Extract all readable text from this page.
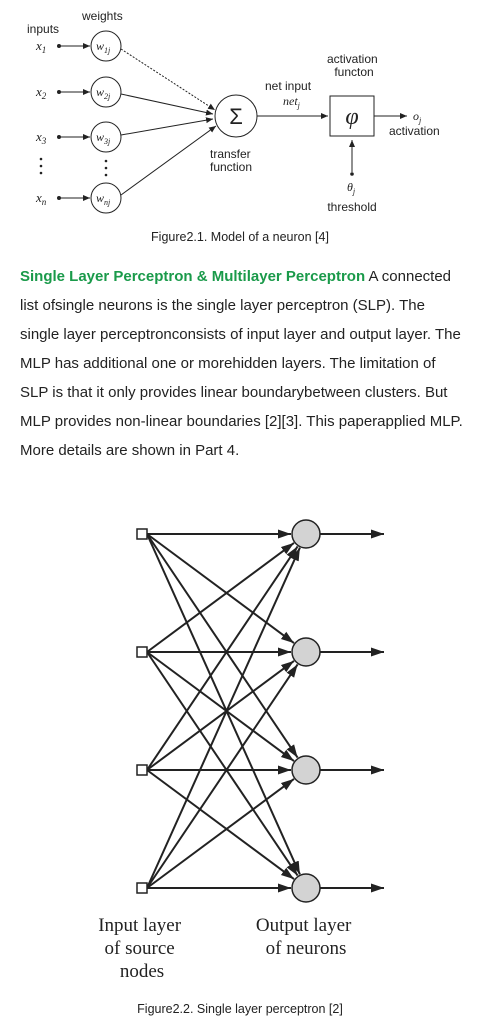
inputs
weights
$x_1$	$w_{1j}$
$x_2$	$w_{2j}$
$x_3$	$w_{3j}$
$x_n$	$w_{nj}$
Σ
transfer function
net input
net$_j$
activation functon
φ	$o_j$
activation
$\theta_j$
threshold
Figure2.1. Model of a neuron [4]

Single Layer Perceptron & Multilayer Perceptron A connected list ofsingle neurons is the single layer perceptron (SLP). The single layer perceptronconsists of input layer and output layer. The MLP has additional one or morehidden layers. The limitation of SLP is that it only provides linear boundarybetween clusters. But MLP provides non-linear boundaries [2][3]. This paperapplied MLP. More details are shown in Part 4.

Input layer of source nodes
Output layer of neurons
Figure2.2. Single layer perceptron [2]
